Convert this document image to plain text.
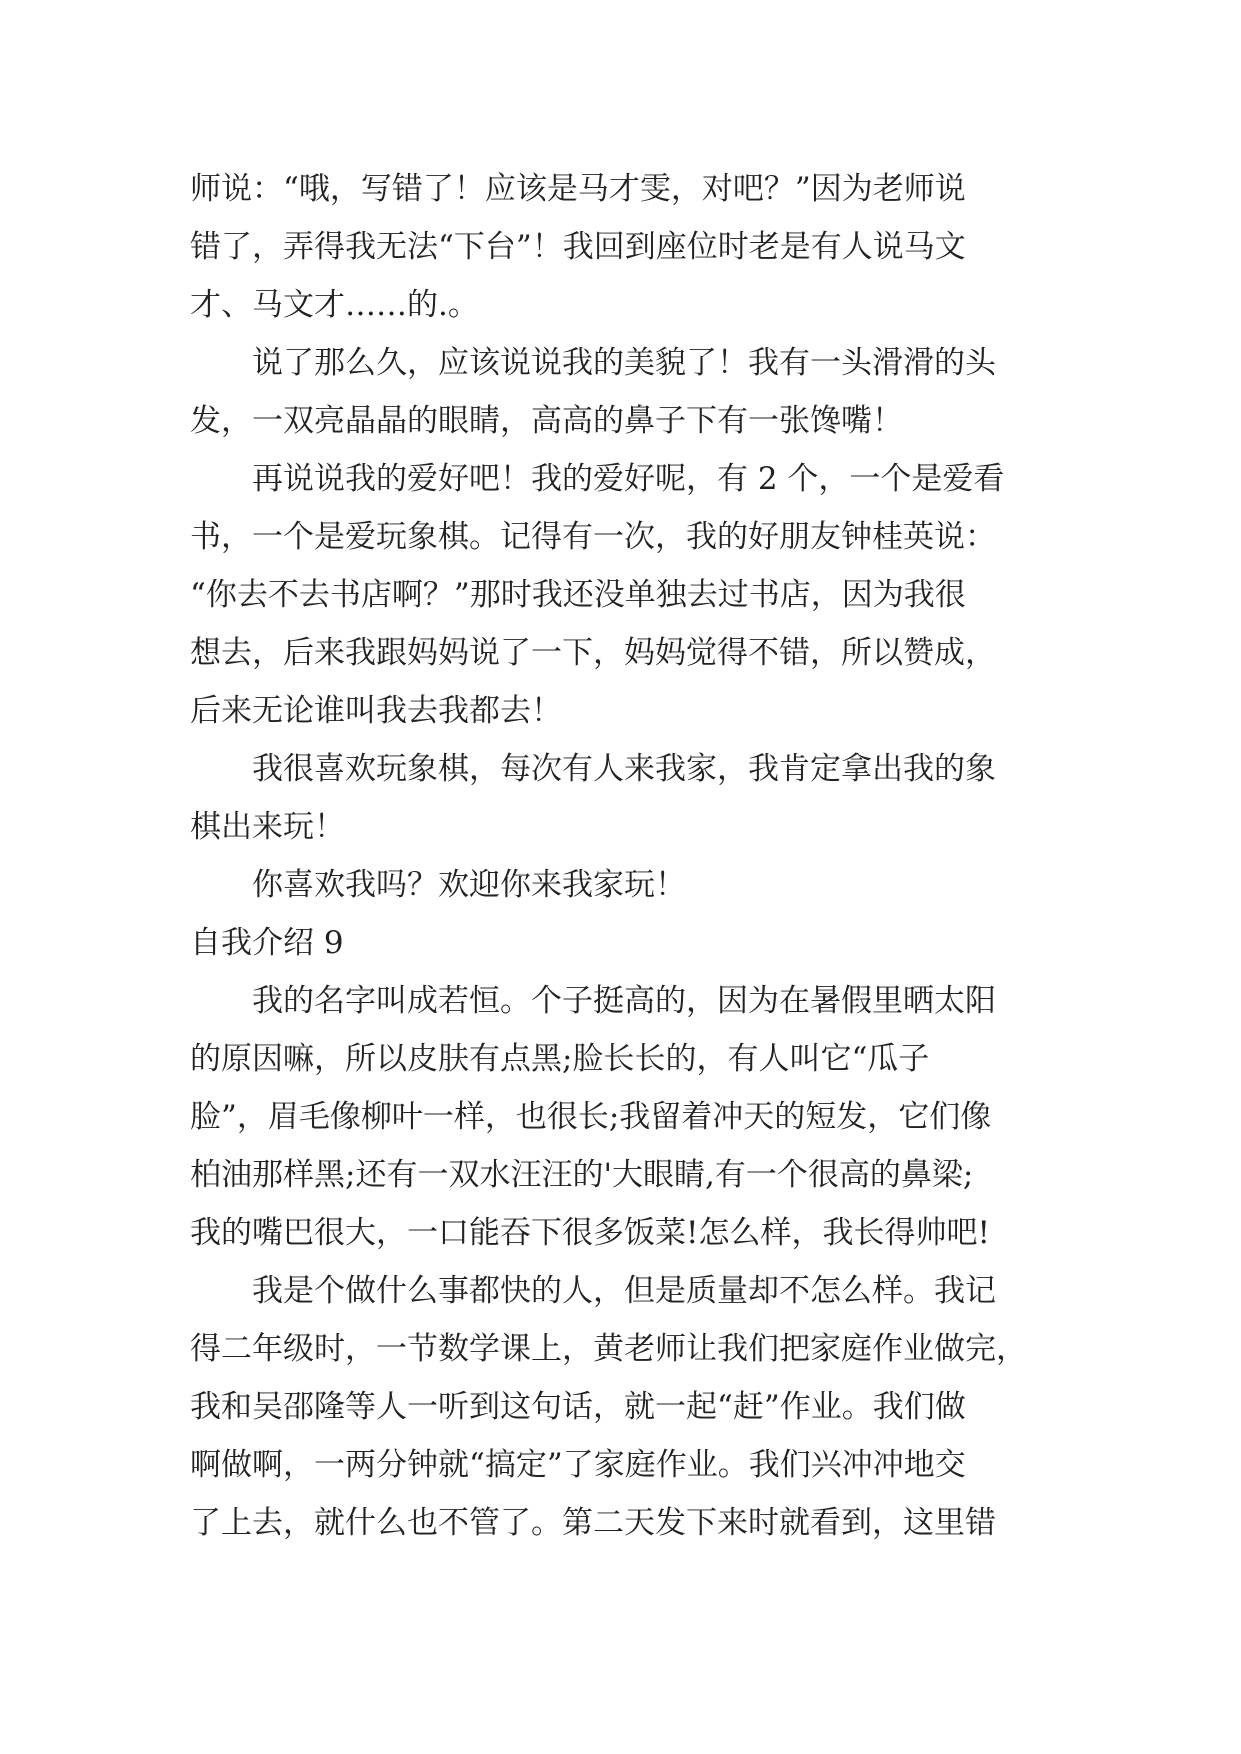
师说：“哦，写错了！应该是马才雯，对吧？”因为老师说
错了，弄得我无法“下台”！我回到座位时老是有人说马文
才、马文才……的.。
说了那么久，应该说说我的美貌了！我有一头滑滑的头
发，一双亮晶晶的眼睛，高高的鼻子下有一张馋嘴！
再说说我的爱好吧！我的爱好呢，有 2 个，一个是爱看
书，一个是爱玩象棋。记得有一次，我的好朋友钟桂英说：
“你去不去书店啊？”那时我还没单独去过书店，因为我很
想去，后来我跟妈妈说了一下，妈妈觉得不错，所以赞成，
后来无论谁叫我去我都去！
我很喜欢玩象棋，每次有人来我家，我肯定拿出我的象
棋出来玩！
你喜欢我吗？欢迎你来我家玩！
自我介绍 9
我的名字叫成若恒。个子挺高的，因为在暑假里晒太阳
的原因嘛，所以皮肤有点黑;脸长长的，有人叫它“瓜子
脸”，眉毛像柳叶一样，也很长;我留着冲天的短发，它们像
柏油那样黑;还有一双水汪汪的'大眼睛,有一个很高的鼻梁;
我的嘴巴很大，一口能吞下很多饭菜!怎么样，我长得帅吧!
我是个做什么事都快的人，但是质量却不怎么样。我记
得二年级时，一节数学课上，黄老师让我们把家庭作业做完，
我和吴邵隆等人一听到这句话，就一起“赶”作业。我们做
啊做啊，一两分钟就“搞定”了家庭作业。我们兴冲冲地交
了上去，就什么也不管了。第二天发下来时就看到，这里错
